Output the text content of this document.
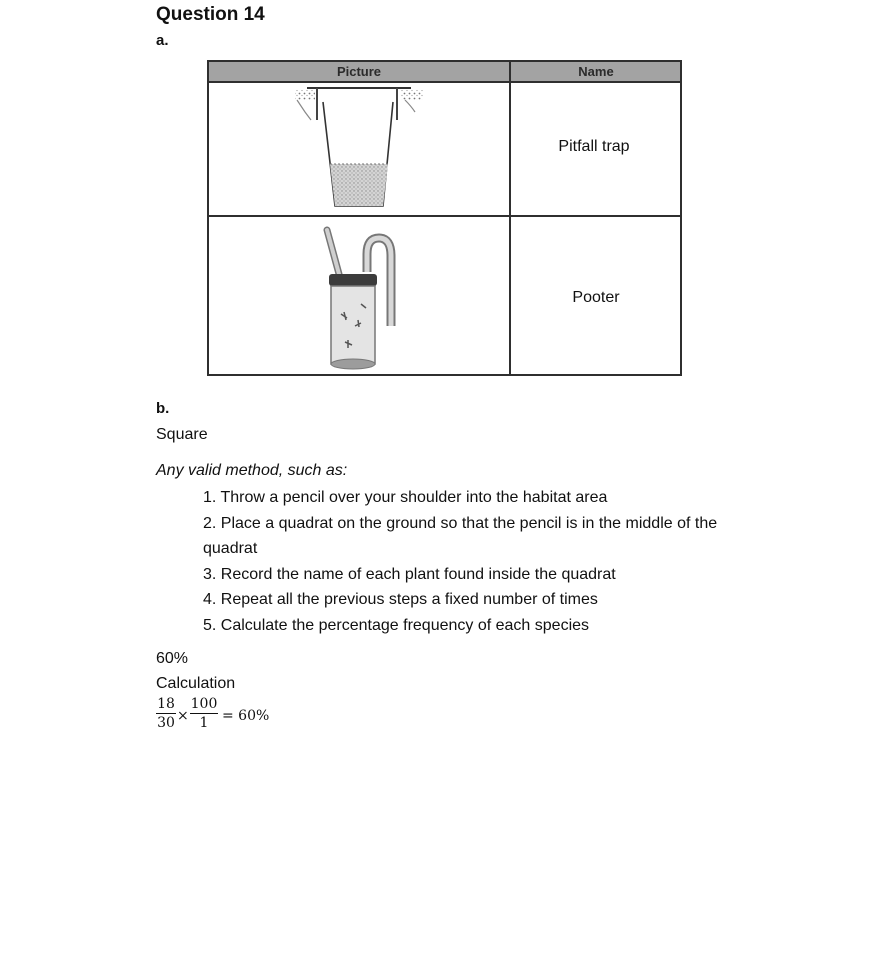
Question 14
a.
Picture	Name
Pitfall trap
Pooter
b.
Square
Any valid method, such as:
1. Throw a pencil over your shoulder into the habitat area
2. Place a quadrat on the ground so that the pencil is in the middle of the
quadrat
3. Record the name of each plant found inside the quadrat
4. Repeat all the previous steps a fixed number of times
5. Calculate the percentage frequency of each species
60%
Calculation
18
30 ×
100
1 = 60%
